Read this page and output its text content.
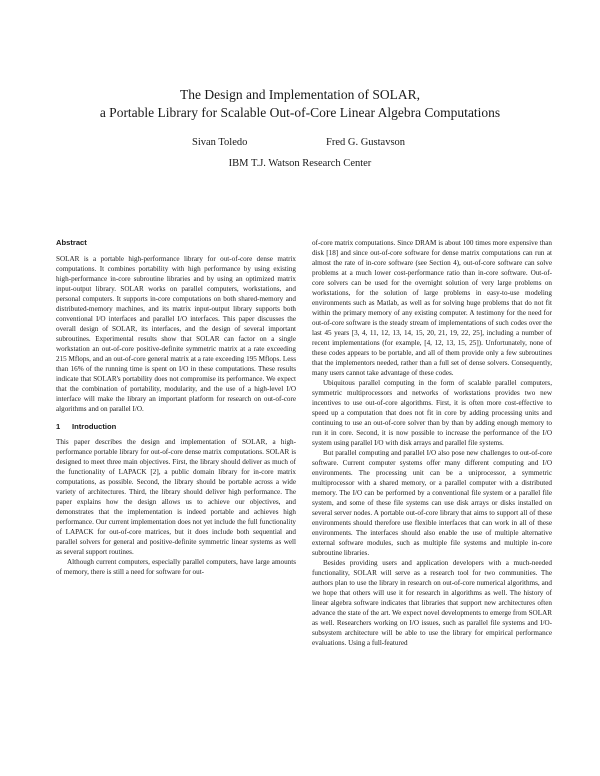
The Design and Implementation of SOLAR,
a Portable Library for Scalable Out-of-Core Linear Algebra Computations
Sivan Toledo	Fred G. Gustavson
IBM T.J. Watson Research Center
Abstract

SOLAR is a portable high-performance library for out-of-core dense matrix computations. It combines portability with high performance by using existing high-performance in-core subroutine libraries and by using an optimized matrix input-output library. SOLAR works on parallel computers, workstations, and personal computers. It supports in-core computations on both shared-memory and distributed-memory machines, and its matrix input-output library supports both conventional I/O interfaces and parallel I/O interfaces. This paper discusses the overall design of SOLAR, its interfaces, and the design of several important subroutines. Experimental results show that SOLAR can factor on a single workstation an out-of-core positive-definite symmetric matrix at a rate exceeding 215 Mflops, and an out-of-core general matrix at a rate exceeding 195 Mflops. Less than 16% of the running time is spent on I/O in these computations. These results indicate that SOLAR's portability does not compromise its performance. We expect that the combination of portability, modularity, and the use of a high-level I/O interface will make the library an important platform for research on out-of-core algorithms and on parallel I/O.

1 Introduction

This paper describes the design and implementation of SOLAR, a high-performance portable library for out-of-core dense matrix computations. SOLAR is designed to meet three main objectives. First, the library should deliver as much of the functionality of LAPACK [2], a public domain library for in-core matrix computations, as possible. Second, the library should be portable across a wide variety of architectures. Third, the library should deliver high performance. The paper explains how the design allows us to achieve our objectives, and demonstrates that the implementation is indeed portable and achieves high performance. Our current implementation does not yet include the full functionality of LAPACK for out-of-core matrices, but it does include both sequential and parallel solvers for general and positive-definite symmetric linear systems as well as several support routines.

Although current computers, especially parallel computers, have large amounts of memory, there is still a need for software for out-

of-core matrix computations. Since DRAM is about 100 times more expensive than disk [18] and since out-of-core software for dense matrix computations can run at almost the rate of in-core software (see Section 4), out-of-core software can solve problems at a much lower cost-performance ratio than in-core software. Out-of-core solvers can be used for the overnight solution of very large problems on workstations, for the solution of large problems in easy-to-use modeling environments such as Matlab, as well as for solving huge problems that do not fit within the primary memory of any existing computer. A testimony for the need for out-of-core software is the steady stream of implementations of such codes over the last 45 years [3, 4, 11, 12, 13, 14, 15, 20, 21, 19, 22, 25], including a number of recent implementations (for example, [4, 12, 13, 15, 25]). Unfortunately, none of these codes appears to be portable, and all of them provide only a few subroutines that the implementors needed, rather than a full set of dense solvers. Consequently, many users cannot take advantage of these codes.

Ubiquitous parallel computing in the form of scalable parallel computers, symmetric multiprocessors and networks of workstations provides two new incentives to use out-of-core algorithms. First, it is often more cost-effective to speed up a computation that does not fit in core by adding processing units and continuing to use an out-of-core solver than by than by adding enough memory to run it in core. Second, it is now possible to increase the performance of the I/O system using parallel I/O with disk arrays and parallel file systems.

But parallel computing and parallel I/O also pose new challenges to out-of-core software. Current computer systems offer many different computing and I/O environments. The processing unit can be a uniprocessor, a symmetric multiprocessor with a shared memory, or a parallel computer with a distributed memory. The I/O can be performed by a conventional file system or a parallel file system, and some of these file systems can use disk arrays or disks installed on several server nodes. A portable out-of-core library that aims to support all of these environments should therefore use flexible interfaces that can work in all of these environments. The interfaces should also enable the use of multiple alternative external software modules, such as multiple file systems and multiple in-core subroutine libraries.

Besides providing users and application developers with a much-needed functionality, SOLAR will serve as a research tool for two communities. The authors plan to use the library in research on out-of-core numerical algorithms, and we hope that others will use it for research in algorithms as well. The history of linear algebra software indicates that libraries that support new architectures often advance the state of the art. We expect novel developments to emerge from SOLAR as well. Researchers working on I/O issues, such as parallel file systems and I/O-subsystem architecture will be able to use the library for empirical performance evaluations. Using a full-featured
